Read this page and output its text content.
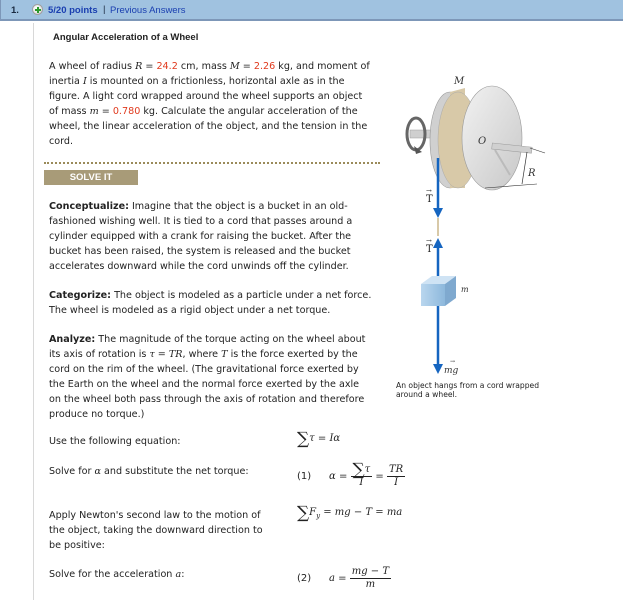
1.	5/20 points | Previous Answers
Angular Acceleration of a Wheel
A wheel of radius R = 24.2 cm, mass M = 2.26 kg, and moment of inertia I is mounted on a frictionless, horizontal axle as in the figure. A light cord wrapped around the wheel supports an object of mass m = 0.780 kg. Calculate the angular acceleration of the wheel, the linear acceleration of the object, and the tension in the cord.
SOLVE IT
Conceptualize: Imagine that the object is a bucket in an old-fashioned wishing well. It is tied to a cord that passes around a cylinder equipped with a crank for raising the bucket. After the bucket has been raised, the system is released and the bucket accelerates downward while the cord unwinds off the cylinder.
Categorize: The object is modeled as a particle under a net force. The wheel is modeled as a rigid object under a net torque.
Analyze: The magnitude of the torque acting on the wheel about its axis of rotation is τ = TR, where T is the force exerted by the cord on the rim of the wheel. (The gravitational force exerted by the Earth on the wheel and the normal force exerted by the axle on the wheel both pass through the axis of rotation and therefore produce no torque.)
Use the following equation:	∑τ = Iα
Solve for α and substitute the net torque:	(1) $\alpha = \frac{\sum\tau}{I} = \frac{TR}{I}$
Apply Newton's second law to the motion of the object, taking the downward direction to be positive:
$\sum F_y$ = mg − T = ma
Solve for the acceleration a:	(2) $a = \frac{mg - T}{m}$
R
M
O
T
→
T
→
m
mg
→
An object hangs from a cord wrapped around a wheel.
